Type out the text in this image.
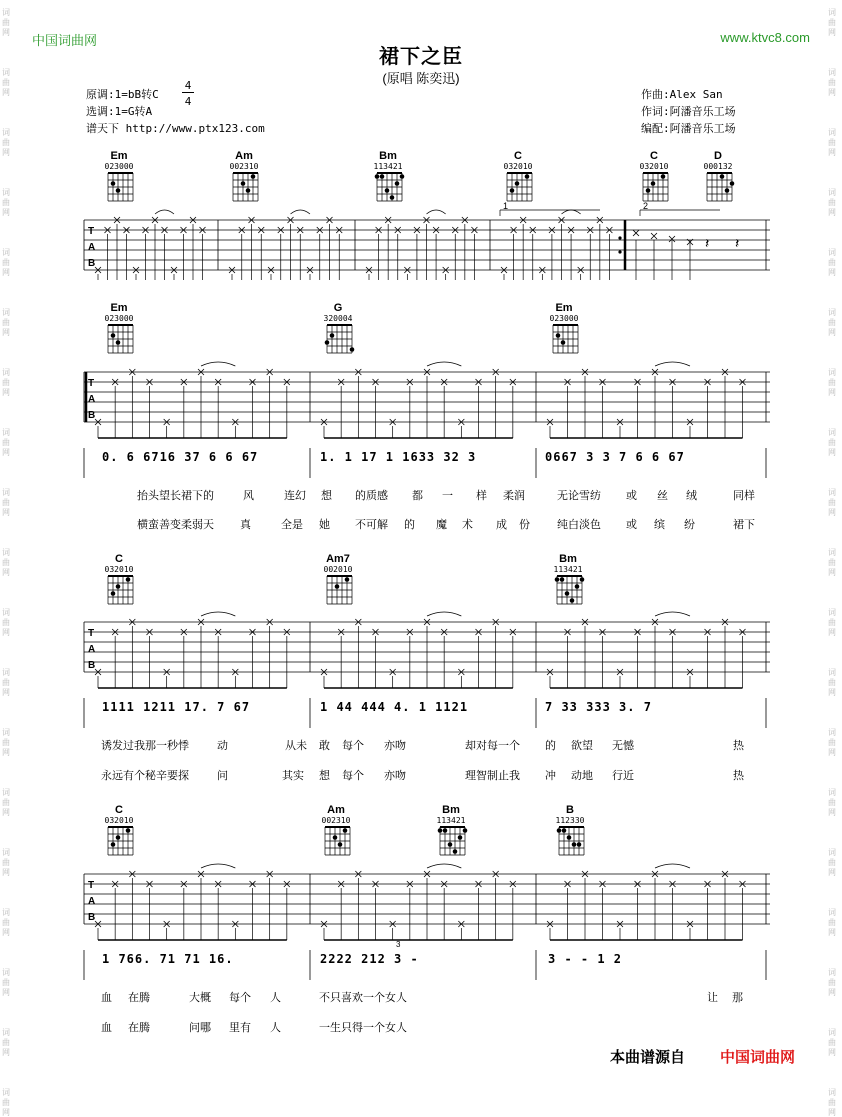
词
曲
网
词
曲
网
词
曲
网
词
曲
网
词
曲
网
词
曲
网
词
曲
网
词
曲
网
词
曲
网
词
曲
网
词
曲
网
词
曲
网
词
曲
网
词
曲
网
词
曲
网
词
曲
网
词
曲
网
词
曲
网
词
曲
网
词
曲
网
词
曲
网
词
曲
网
词
曲
网
词
曲
网
词
曲
网
词
曲
网
词
曲
网
词
曲
网
词
曲
网
词
曲
网
词
曲
网
词
曲
网
词
曲
网
词
曲
网
词
曲
网
词
曲
网
词
曲
网
词
曲
网
中国词曲网	www.ktvc8.com
裙下之臣
(原唱 陈奕迅)
原调:1=bB转C
选调:1=G转A
谱天下 http://www.ptx123.com
4
4
作曲:Alex San
作词:阿潘音乐工场
编配:阿潘音乐工场
Em
023000
Am
002310
Bm
113421
C
032010
C
032010
D
000132
T
A
B
𝄽 𝄽
1	2
Em
023000
G
320004
Em
023000
T
A
B
0. 6 6716 37 6 6 67	1. 1 17 1 1633 32 3	0667 3 3 7 6 6 67
抬头望长裙下的	风	连幻 想 的质感 都 一 样 柔润	无论雪纺 或 丝 绒	同样
横蛮善变柔弱天 真	全是 她 不可解 的 魔 术 成 份 纯白淡色 或 缤 纷	裙下
C
032010
Am7
002010
Bm
113421
T
A
B
1111 1211 17. 7 67	1 44 444 4. 1 1121	7 33 333 3. 7
诱发过我那一秒悸	动	从未 敢 每个 亦吻	却对每一个 的 欲望 无憾	热
永远有个秘辛要探	问	其实 想 每个 亦吻	理智制止我 冲 动地 行近	热
C
032010
Am
002310
Bm
113421
B
112330
T
A
B
1 766. 71 71 16.	2222 212 3 -	3 - - 1 2
3
血 在腾	大概 每个 人	不只喜欢一个女人	让 那
血 在腾	问哪 里有 人	一生只得一个女人
本曲谱源自 中国词曲网
